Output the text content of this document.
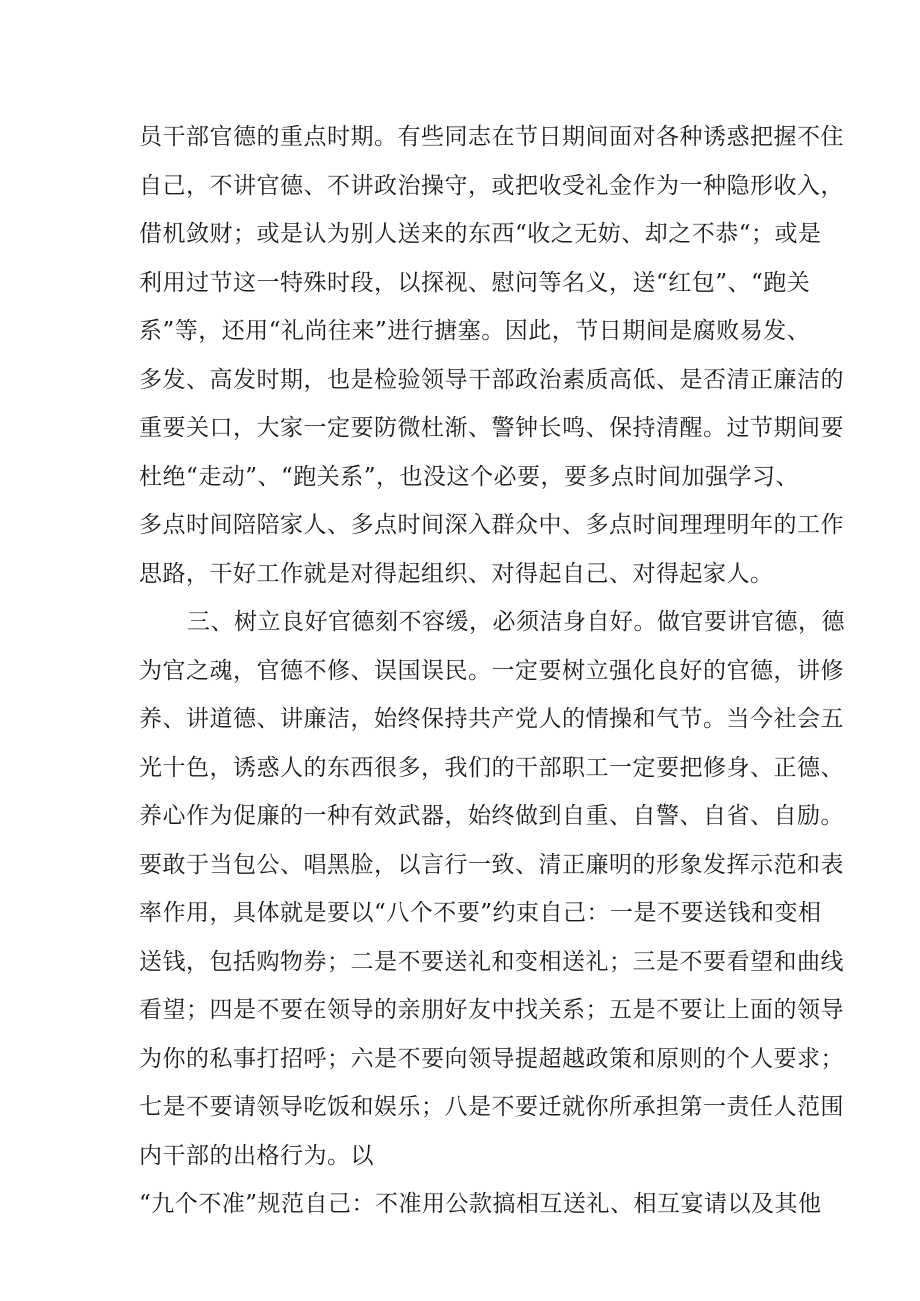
员干部官德的重点时期。有些同志在节日期间面对各种诱惑把握不住
自己，不讲官德、不讲政治操守，或把收受礼金作为一种隐形收入，
借机敛财；或是认为别人送来的东西“收之无妨、却之不恭“；或是
利用过节这一特殊时段，以探视、慰问等名义，送“红包”、“跑关
系”等，还用“礼尚往来”进行搪塞。因此，节日期间是腐败易发、
多发、高发时期，也是检验领导干部政治素质高低、是否清正廉洁的
重要关口，大家一定要防微杜渐、警钟长鸣、保持清醒。过节期间要
杜绝“走动”、“跑关系”，也没这个必要，要多点时间加强学习、
多点时间陪陪家人、多点时间深入群众中、多点时间理理明年的工作
思路，干好工作就是对得起组织、对得起自己、对得起家人。
三、树立良好官德刻不容缓，必须洁身自好。做官要讲官德，德
为官之魂，官德不修、误国误民。一定要树立强化良好的官德，讲修
养、讲道德、讲廉洁，始终保持共产党人的情操和气节。当今社会五
光十色，诱惑人的东西很多，我们的干部职工一定要把修身、正德、
养心作为促廉的一种有效武器，始终做到自重、自警、自省、自励。
要敢于当包公、唱黑脸，以言行一致、清正廉明的形象发挥示范和表
率作用，具体就是要以“八个不要”约束自己：一是不要送钱和变相
送钱，包括购物券；二是不要送礼和变相送礼；三是不要看望和曲线
看望；四是不要在领导的亲朋好友中找关系；五是不要让上面的领导
为你的私事打招呼；六是不要向领导提超越政策和原则的个人要求；
七是不要请领导吃饭和娱乐；八是不要迁就你所承担第一责任人范围
内干部的出格行为。以
“九个不准”规范自己：不准用公款搞相互送礼、相互宴请以及其他
